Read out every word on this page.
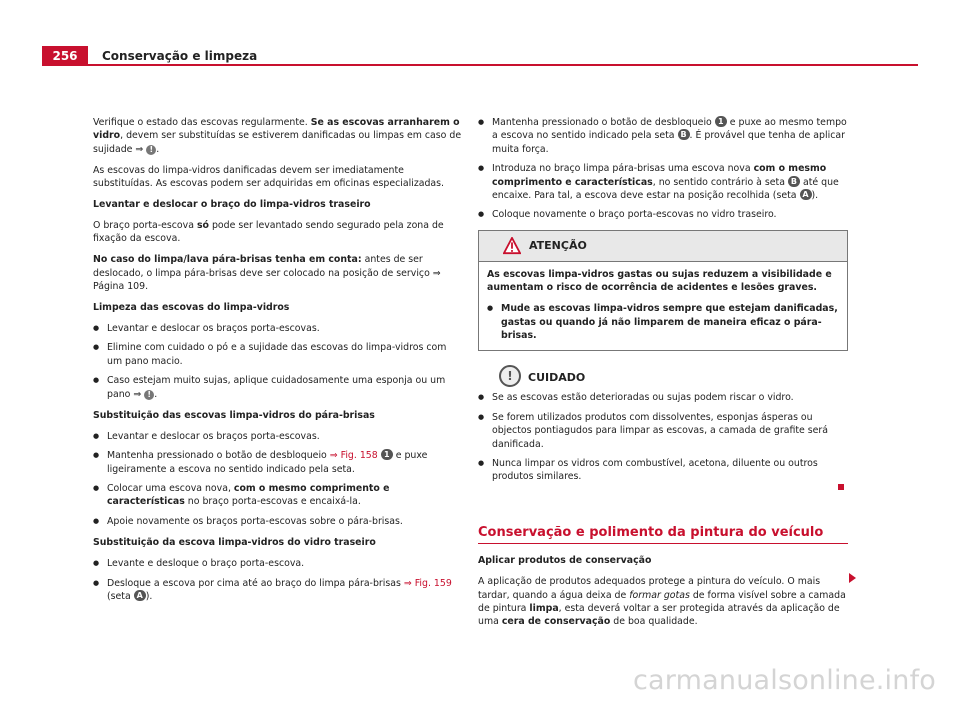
256	Conservação e limpeza

Verifique o estado das escovas regularmente. Se as escovas arranharem o vidro, devem ser substituídas se estiverem danificadas ou limpas em caso de sujidade ⇒ ! .

As escovas do limpa-vidros danificadas devem ser imediatamente substituídas. As escovas podem ser adquiridas em oficinas especializadas.

Levantar e deslocar o braço do limpa-vidros traseiro

O braço porta-escova só pode ser levantado sendo segurado pela zona de fixação da escova.

No caso do limpa/lava pára-brisas tenha em conta: antes de ser deslocado, o limpa pára-brisas deve ser colocado na posição de serviço ⇒ Página 109.

Limpeza das escovas do limpa-vidros

● Levantar e deslocar os braços porta-escovas.
● Elimine com cuidado o pó e a sujidade das escovas do limpa-vidros com um pano macio.
● Caso estejam muito sujas, aplique cuidadosamente uma esponja ou um pano ⇒ ! .

Substituição das escovas limpa-vidros do pára-brisas

● Levantar e deslocar os braços porta-escovas.
● Mantenha pressionado o botão de desbloqueio ⇒ Fig. 158 1 e puxe ligeiramente a escova no sentido indicado pela seta.
● Colocar uma escova nova, com o mesmo comprimento e características no braço porta-escovas e encaixá-la.
● Apoie novamente os braços porta-escovas sobre o pára-brisas.

Substituição da escova limpa-vidros do vidro traseiro

● Levante e desloque o braço porta-escova.
● Desloque a escova por cima até ao braço do limpa pára-brisas ⇒ Fig. 159 (seta A ).
● Mantenha pressionado o botão de desbloqueio 1 e puxe ao mesmo tempo a escova no sentido indicado pela seta B . É provável que tenha de aplicar muita força.
● Introduza no braço limpa pára-brisas uma escova nova com o mesmo comprimento e características, no sentido contrário à seta B até que encaixe. Para tal, a escova deve estar na posição recolhida (seta A ).
● Coloque novamente o braço porta-escovas no vidro traseiro.
ATENÇÃO

As escovas limpa-vidros gastas ou sujas reduzem a visibilidade e aumentam o risco de ocorrência de acidentes e lesões graves.

● Mude as escovas limpa-vidros sempre que estejam danificadas, gastas ou quando já não limparem de maneira eficaz o pára-brisas.
!	CUIDADO
● Se as escovas estão deterioradas ou sujas podem riscar o vidro.
● Se forem utilizados produtos com dissolventes, esponjas ásperas ou objectos pontiagudos para limpar as escovas, a camada de grafite será danificada.
● Nunca limpar os vidros com combustível, acetona, diluente ou outros produtos similares.
Conservação e polimento da pintura do veículo

Aplicar produtos de conservação

A aplicação de produtos adequados protege a pintura do veículo. O mais tardar, quando a água deixa de formar gotas de forma visível sobre a camada de pintura limpa, esta deverá voltar a ser protegida através da aplicação de uma cera de conservação de boa qualidade.

carmanualsonline.info
